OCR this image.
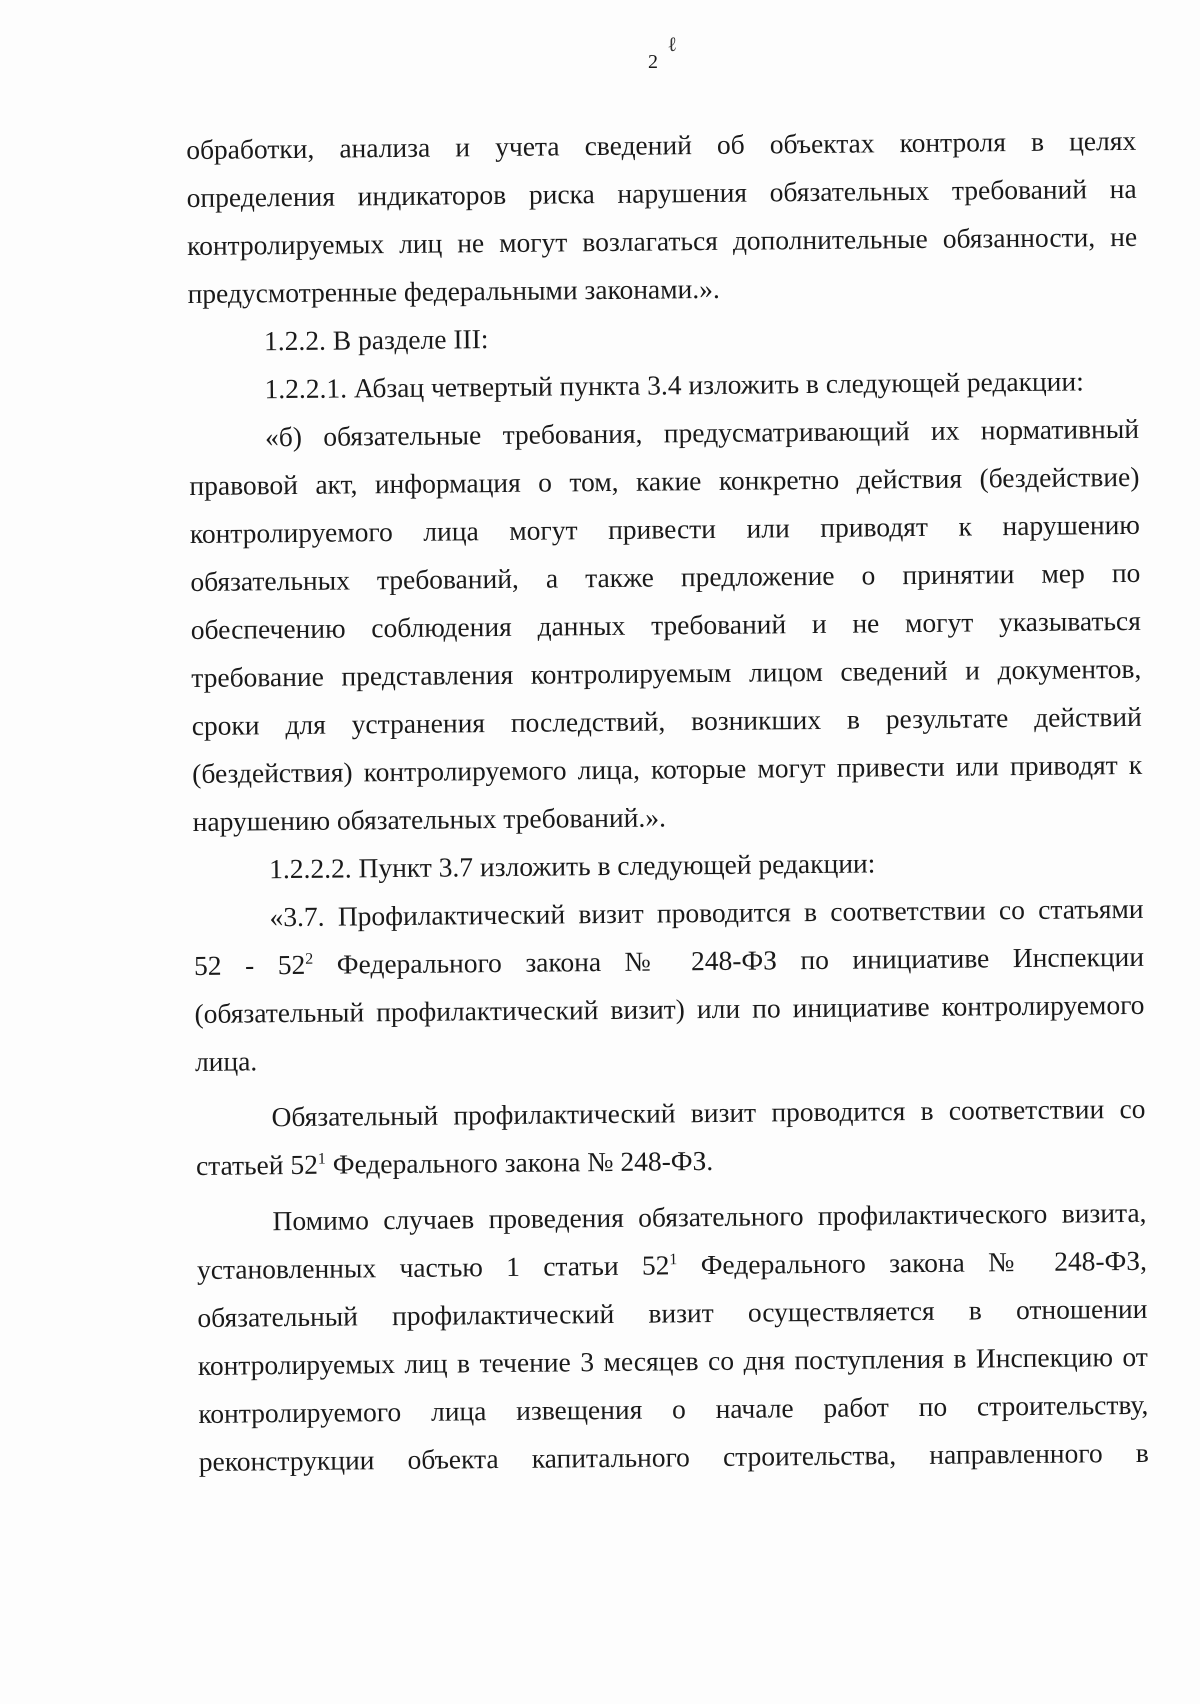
2
ℓ
обработки, анализа и учета сведений об объектах контроля в целях
определения индикаторов риска нарушения обязательных требований на
контролируемых лиц не могут возлагаться дополнительные обязанности, не
предусмотренные федеральными законами.».
1.2.2. В разделе III:
1.2.2.1. Абзац четвертый пункта 3.4 изложить в следующей редакции:
«б) обязательные требования, предусматривающий их нормативный
правовой акт, информация о том, какие конкретно действия (бездействие)
контролируемого лица могут привести или приводят к нарушению
обязательных требований, а также предложение о принятии мер по
обеспечению соблюдения данных требований и не могут указываться
требование представления контролируемым лицом сведений и документов,
сроки для устранения последствий, возникших в результате действий
(бездействия) контролируемого лица, которые могут привести или приводят к
нарушению обязательных требований.».
1.2.2.2. Пункт 3.7 изложить в следующей редакции:
«3.7. Профилактический визит проводится в соответствии со статьями
$52 - 52^2$ Федерального закона № 248-ФЗ по инициативе Инспекции
(обязательный профилактический визит) или по инициативе контролируемого
лица.
Обязательный профилактический визит проводится в соответствии со
статьей $52^1$ Федерального закона № 248-ФЗ.
Помимо случаев проведения обязательного профилактического визита,
установленных частью 1 статьи $52^1$ Федерального закона № 248-ФЗ,
обязательный профилактический визит осуществляется в отношении
контролируемых лиц в течение 3 месяцев со дня поступления в Инспекцию от
контролируемого лица извещения о начале работ по строительству,
реконструкции объекта капитального строительства, направленного в
